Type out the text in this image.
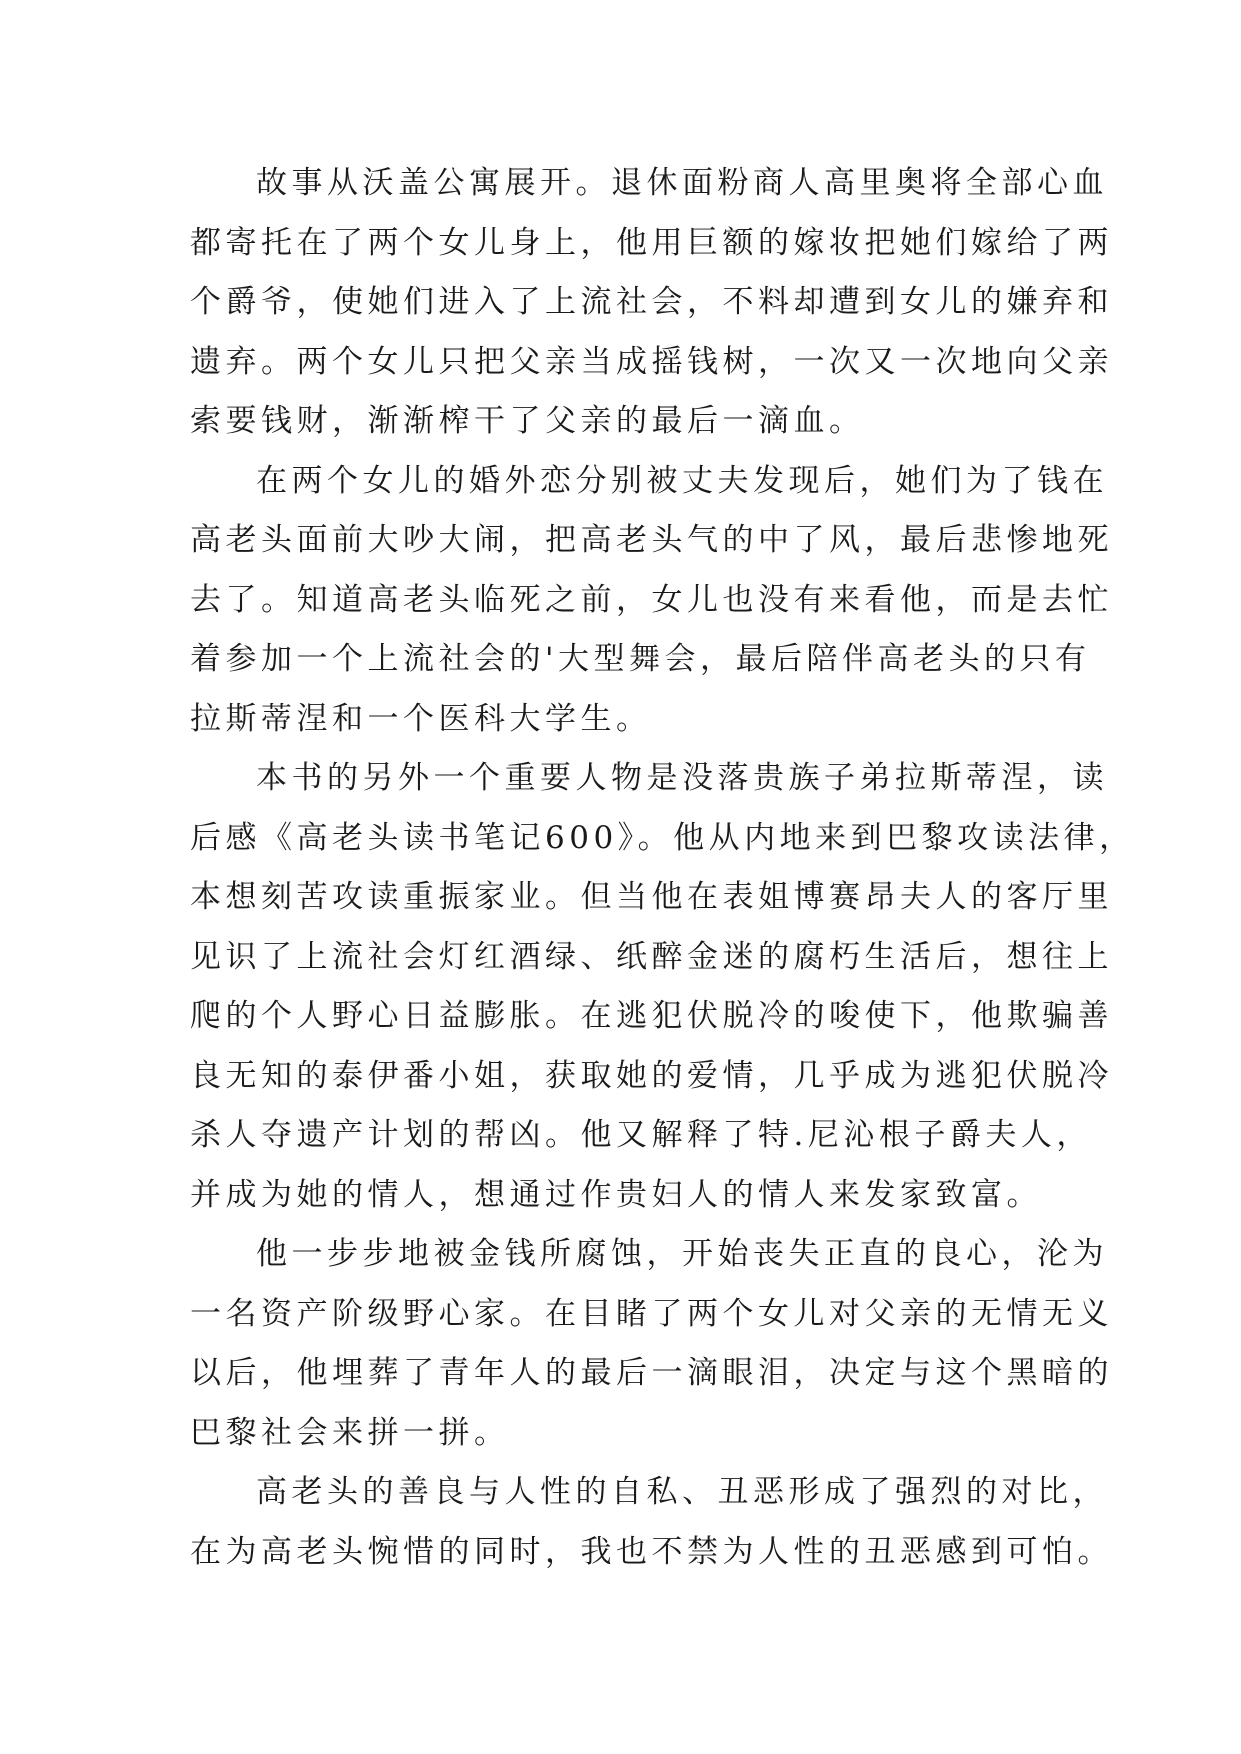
故事从沃盖公寓展开。退休面粉商人高里奥将全部心血
都寄托在了两个女儿身上，他用巨额的嫁妆把她们嫁给了两
个爵爷，使她们进入了上流社会，不料却遭到女儿的嫌弃和
遗弃。两个女儿只把父亲当成摇钱树，一次又一次地向父亲
索要钱财，渐渐榨干了父亲的最后一滴血。
在两个女儿的婚外恋分别被丈夫发现后，她们为了钱在
高老头面前大吵大闹，把高老头气的中了风，最后悲惨地死
去了。知道高老头临死之前，女儿也没有来看他，而是去忙
着参加一个上流社会的'大型舞会，最后陪伴高老头的只有
拉斯蒂涅和一个医科大学生。
本书的另外一个重要人物是没落贵族子弟拉斯蒂涅，读
后感《高老头读书笔记600》。他从内地来到巴黎攻读法律，
本想刻苦攻读重振家业。但当他在表姐博赛昂夫人的客厅里
见识了上流社会灯红酒绿、纸醉金迷的腐朽生活后，想往上
爬的个人野心日益膨胀。在逃犯伏脱冷的唆使下，他欺骗善
良无知的泰伊番小姐，获取她的爱情，几乎成为逃犯伏脱冷
杀人夺遗产计划的帮凶。他又解释了特.尼沁根子爵夫人，
并成为她的情人，想通过作贵妇人的情人来发家致富。
他一步步地被金钱所腐蚀，开始丧失正直的良心，沦为
一名资产阶级野心家。在目睹了两个女儿对父亲的无情无义
以后，他埋葬了青年人的最后一滴眼泪，决定与这个黑暗的
巴黎社会来拼一拼。
高老头的善良与人性的自私、丑恶形成了强烈的对比，
在为高老头惋惜的同时，我也不禁为人性的丑恶感到可怕。
